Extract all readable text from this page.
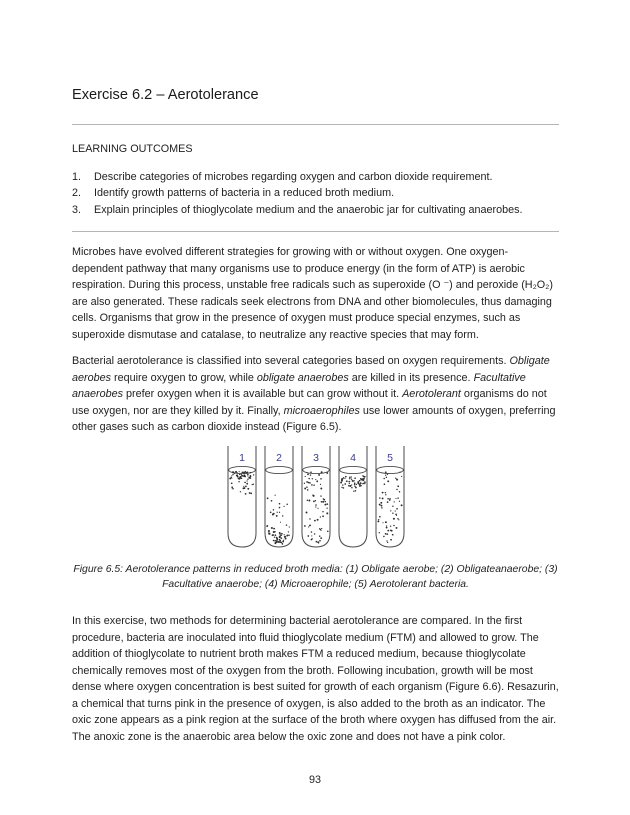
Exercise 6.2 – Aerotolerance
LEARNING OUTCOMES
1.	Describe categories of microbes regarding oxygen and carbon dioxide requirement.
2.	Identify growth patterns of bacteria in a reduced broth medium.
3.	Explain principles of thioglycolate medium and the anaerobic jar for cultivating anaerobes.

Microbes have evolved different strategies for growing with or without oxygen. One oxygen-dependent pathway that many organisms use to produce energy (in the form of ATP) is aerobic respiration. During this process, unstable free radicals such as superoxide (O ⁻) and peroxide (H₂O₂) are also generated. These radicals seek electrons from DNA and other biomolecules, thus damaging cells. Organisms that grow in the presence of oxygen must produce special enzymes, such as superoxide dismutase and catalase, to neutralize any reactive species that may form.

Bacterial aerotolerance is classified into several categories based on oxygen requirements. Obligate aerobes require oxygen to grow, while obligate anaerobes are killed in its presence. Facultative anaerobes prefer oxygen when it is available but can grow without it. Aerotolerant organisms do not use oxygen, nor are they killed by it. Finally, microaerophiles use lower amounts of oxygen, preferring other gases such as carbon dioxide instead (Figure 6.5).

1	2	3	4	5
Figure 6.5: Aerotolerance patterns in reduced broth media: (1) Obligate aerobe; (2) Obligateanaerobe; (3) Facultative anaerobe; (4) Microaerophile; (5) Aerotolerant bacteria.

In this exercise, two methods for determining bacterial aerotolerance are compared. In the first procedure, bacteria are inoculated into fluid thioglycolate medium (FTM) and allowed to grow. The addition of thioglycolate to nutrient broth makes FTM a reduced medium, because thioglycolate chemically removes most of the oxygen from the broth. Following incubation, growth will be most dense where oxygen concentration is best suited for growth of each organism (Figure 6.6). Resazurin, a chemical that turns pink in the presence of oxygen, is also added to the broth as an indicator. The oxic zone appears as a pink region at the surface of the broth where oxygen has diffused from the air. The anoxic zone is the anaerobic area below the oxic zone and does not have a pink color.

93
